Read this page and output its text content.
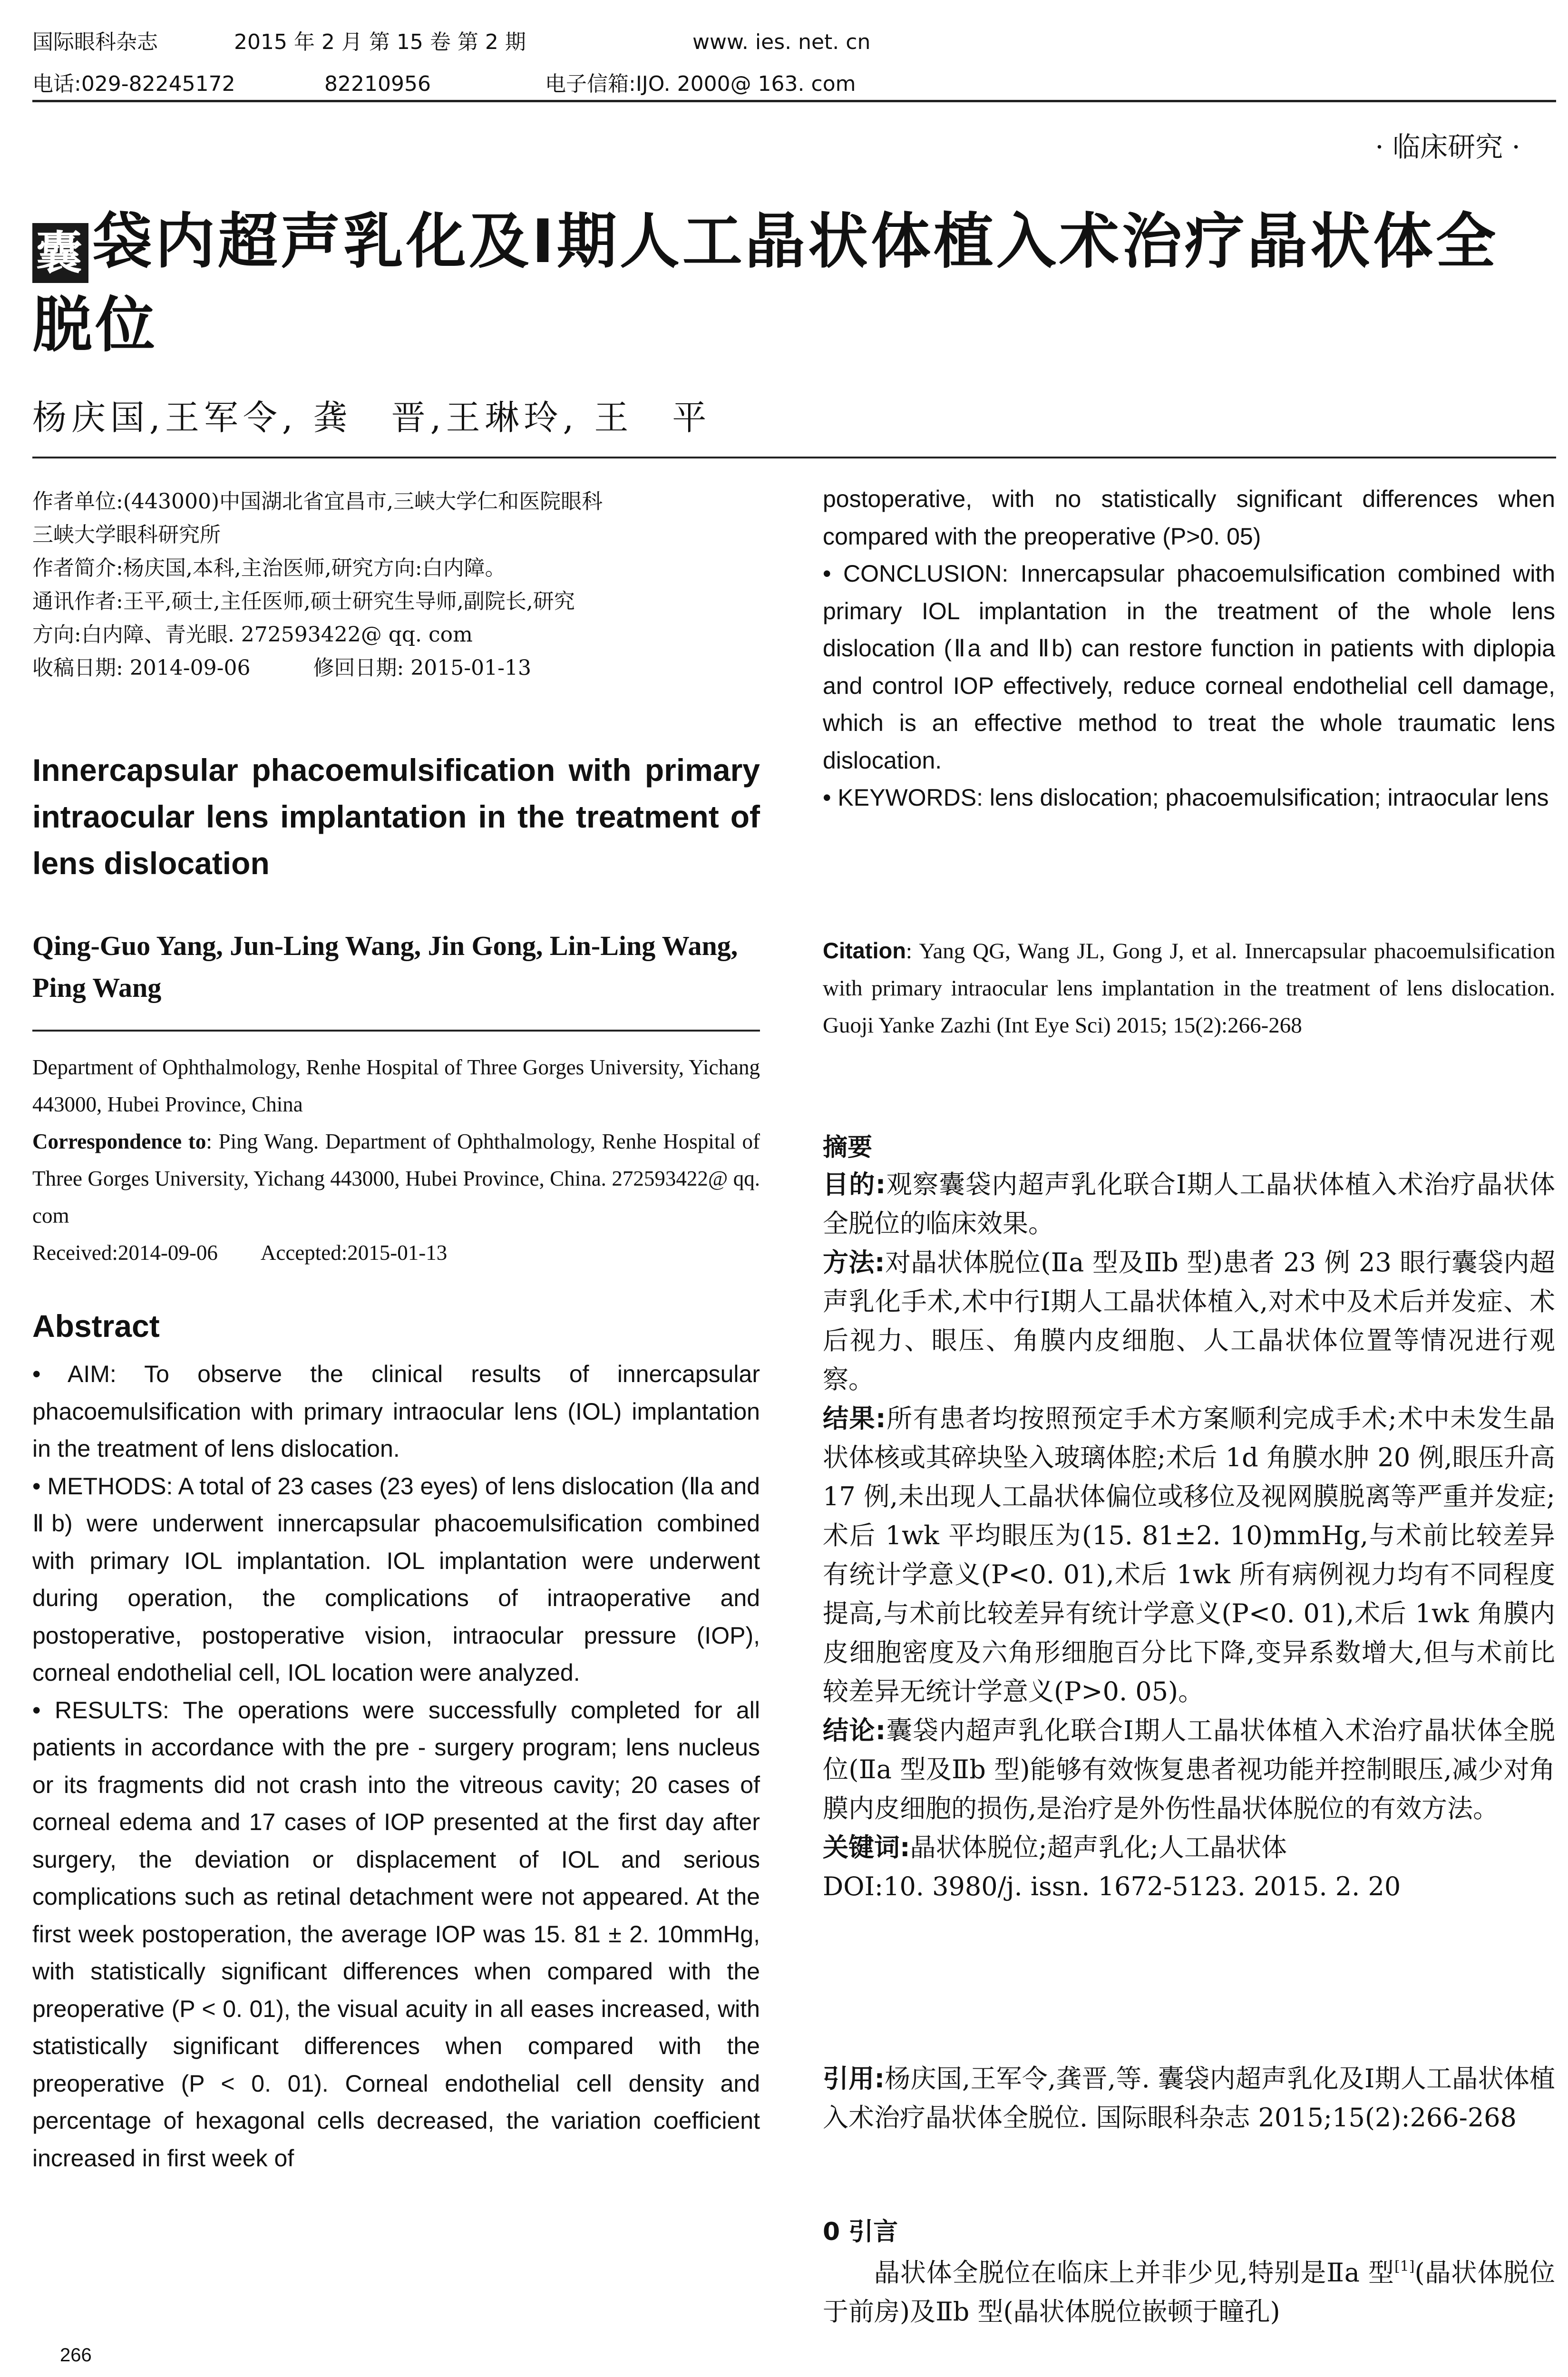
国际眼科杂志	2015 年 2 月 第 15 卷 第 2 期	www. ies. net. cn
电话:029-82245172	82210956	电子信箱:IJO. 2000@ 163. com
· 临床研究 ·
囊 袋内超声乳化及Ⅰ期人工晶状体植入术治疗晶状体全脱位
杨庆国,王军令, 龚　晋,王琳玲, 王　平
作者单位:(443000)中国湖北省宜昌市,三峡大学仁和医院眼科
三峡大学眼科研究所
作者简介:杨庆国,本科,主治医师,研究方向:白内障。
通讯作者:王平,硕士,主任医师,硕士研究生导师,副院长,研究
方向:白内障、青光眼. 272593422@ qq. com
收稿日期: 2014-09-06　　　修回日期: 2015-01-13
Innercapsular phacoemulsification with primary intraocular lens implantation in the treatment of lens dislocation
Qing-Guo Yang, Jun-Ling Wang, Jin Gong, Lin-Ling Wang, Ping Wang
Department of Ophthalmology, Renhe Hospital of Three Gorges University, Yichang 443000, Hubei Province, China
Correspondence to: Ping Wang. Department of Ophthalmology, Renhe Hospital of Three Gorges University, Yichang 443000, Hubei Province, China. 272593422@ qq. com
Received:2014-09-06　　Accepted:2015-01-13
Abstract

• AIM: To observe the clinical results of innercapsular phacoemulsification with primary intraocular lens (IOL) implantation in the treatment of lens dislocation.

• METHODS: A total of 23 cases (23 eyes) of lens dislocation (Ⅱa and Ⅱb) were underwent innercapsular phacoemulsification combined with primary IOL implantation. IOL implantation were underwent during operation, the complications of intraoperative and postoperative, postoperative vision, intraocular pressure (IOP), corneal endothelial cell, IOL location were analyzed.

• RESULTS: The operations were successfully completed for all patients in accordance with the pre - surgery program; lens nucleus or its fragments did not crash into the vitreous cavity; 20 cases of corneal edema and 17 cases of IOP presented at the first day after surgery, the deviation or displacement of IOL and serious complications such as retinal detachment were not appeared. At the first week postoperation, the average IOP was 15. 81 ± 2. 10mmHg, with statistically significant differences when compared with the preoperative (P < 0. 01), the visual acuity in all eases increased, with statistically significant differences when compared with the preoperative (P < 0. 01). Corneal endothelial cell density and percentage of hexagonal cells decreased, the variation coefficient increased in first week of

266

postoperative, with no statistically significant differences when compared with the preoperative (P>0. 05)

• CONCLUSION: Innercapsular phacoemulsification combined with primary IOL implantation in the treatment of the whole lens dislocation (Ⅱa and Ⅱb) can restore function in patients with diplopia and control IOP effectively, reduce corneal endothelial cell damage, which is an effective method to treat the whole traumatic lens dislocation.

• KEYWORDS: lens dislocation; phacoemulsification; intraocular lens

Citation: Yang QG, Wang JL, Gong J, et al. Innercapsular phacoemulsification with primary intraocular lens implantation in the treatment of lens dislocation. Guoji Yanke Zazhi (Int Eye Sci) 2015; 15(2):266-268
摘要

目的:观察囊袋内超声乳化联合Ⅰ期人工晶状体植入术治疗晶状体全脱位的临床效果。

方法:对晶状体脱位(Ⅱa 型及Ⅱb 型)患者 23 例 23 眼行囊袋内超声乳化手术,术中行Ⅰ期人工晶状体植入,对术中及术后并发症、术后视力、眼压、角膜内皮细胞、人工晶状体位置等情况进行观察。

结果:所有患者均按照预定手术方案顺利完成手术;术中未发生晶状体核或其碎块坠入玻璃体腔;术后 1d 角膜水肿 20 例,眼压升高 17 例,未出现人工晶状体偏位或移位及视网膜脱离等严重并发症;术后 1wk 平均眼压为(15. 81±2. 10)mmHg,与术前比较差异有统计学意义(P<0. 01),术后 1wk 所有病例视力均有不同程度提高,与术前比较差异有统计学意义(P<0. 01),术后 1wk 角膜内皮细胞密度及六角形细胞百分比下降,变异系数增大,但与术前比较差异无统计学意义(P>0. 05)。

结论:囊袋内超声乳化联合Ⅰ期人工晶状体植入术治疗晶状体全脱位(Ⅱa 型及Ⅱb 型)能够有效恢复患者视功能并控制眼压,减少对角膜内皮细胞的损伤,是治疗是外伤性晶状体脱位的有效方法。

关键词:晶状体脱位;超声乳化;人工晶状体

DOI:10. 3980/j. issn. 1672-5123. 2015. 2. 20

引用:杨庆国,王军令,龚晋,等. 囊袋内超声乳化及Ⅰ期人工晶状体植入术治疗晶状体全脱位. 国际眼科杂志 2015;15(2):266-268
0 引言
晶状体全脱位在临床上并非少见,特别是Ⅱa 型[1](晶状体脱位于前房)及Ⅱb 型(晶状体脱位嵌顿于瞳孔)
